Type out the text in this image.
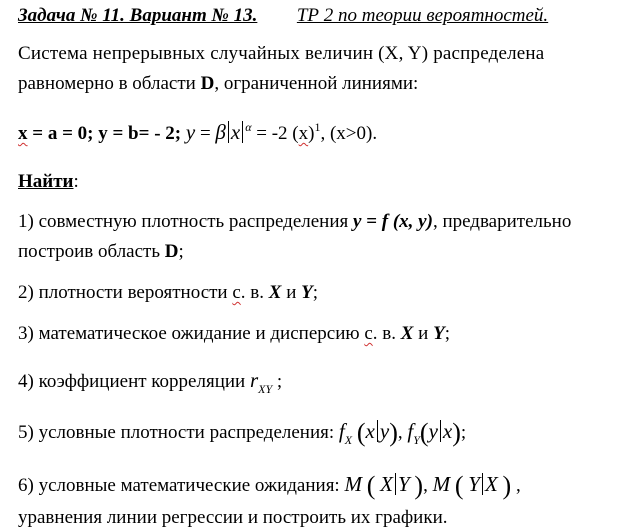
Задача № 11. Вариант № 13. ТР 2 по теории вероятностей.
Система непрерывных случайных величин (X, Y) распределена
равномерно в области D, ограниченной линиями:
x = a = 0; y = b= - 2; y = β x $^\alpha$ = -2 $(x)^1$, (x>0).
Найти:
1) совместную плотность распределения y = f (x, y), предварительно
построив область D;
2) плотности вероятности с. в. X и Y;
3) математическое ожидание и дисперсию с. в. X и Y;
4) коэффициент корреляции $r_{XY}$ ;
5) условные плотности распределения: $f_X$ (x y), $f_Y(y$ x);
6) условные математические ожидания: M ( X Y ), M ( Y X ) ,
уравнения линии регрессии и построить их графики.
